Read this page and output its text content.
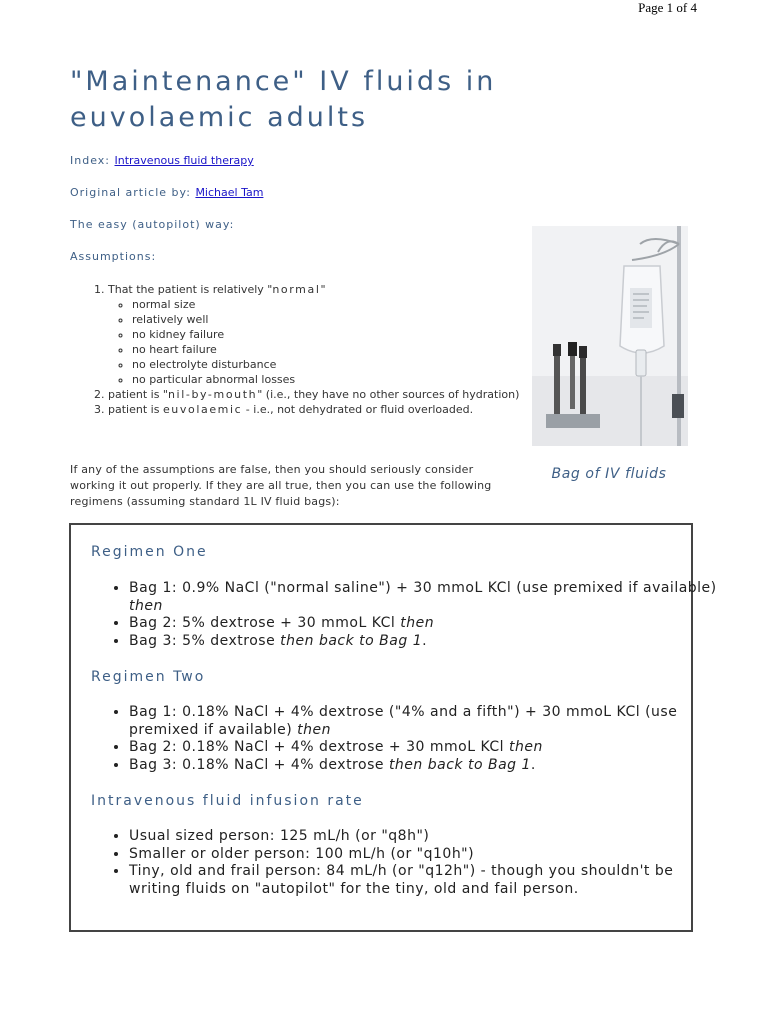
Page 1 of 4
"Maintenance" IV fluids in euvolaemic adults
Index: Intravenous fluid therapy
Original article by: Michael Tam
The easy (autopilot) way:
Assumptions:
1. That the patient is relatively "normal"
◦ normal size
◦ relatively well
◦ no kidney failure
◦ no heart failure
◦ no electrolyte disturbance
◦ no particular abnormal losses
2. patient is "nil-by-mouth" (i.e., they have no other sources of hydration)
3. patient is euvolaemic - i.e., not dehydrated or fluid overloaded.
If any of the assumptions are false, then you should seriously consider working it out properly. If they are all true, then you can use the following regimens (assuming standard 1L IV fluid bags):
Bag of IV fluids
Regimen One
• Bag 1: 0.9% NaCl ("normal saline") + 30 mmoL KCl (use premixed if available) then
• Bag 2: 5% dextrose + 30 mmoL KCl then
• Bag 3: 5% dextrose then back to Bag 1.
Regimen Two
• Bag 1: 0.18% NaCl + 4% dextrose ("4% and a fifth") + 30 mmoL KCl (use premixed if available) then
• Bag 2: 0.18% NaCl + 4% dextrose + 30 mmoL KCl then
• Bag 3: 0.18% NaCl + 4% dextrose then back to Bag 1.
Intravenous fluid infusion rate
• Usual sized person: 125 mL/h (or "q8h")
• Smaller or older person: 100 mL/h (or "q10h")
• Tiny, old and frail person: 84 mL/h (or "q12h") - though you shouldn't be writing fluids on "autopilot" for the tiny, old and fail person.
